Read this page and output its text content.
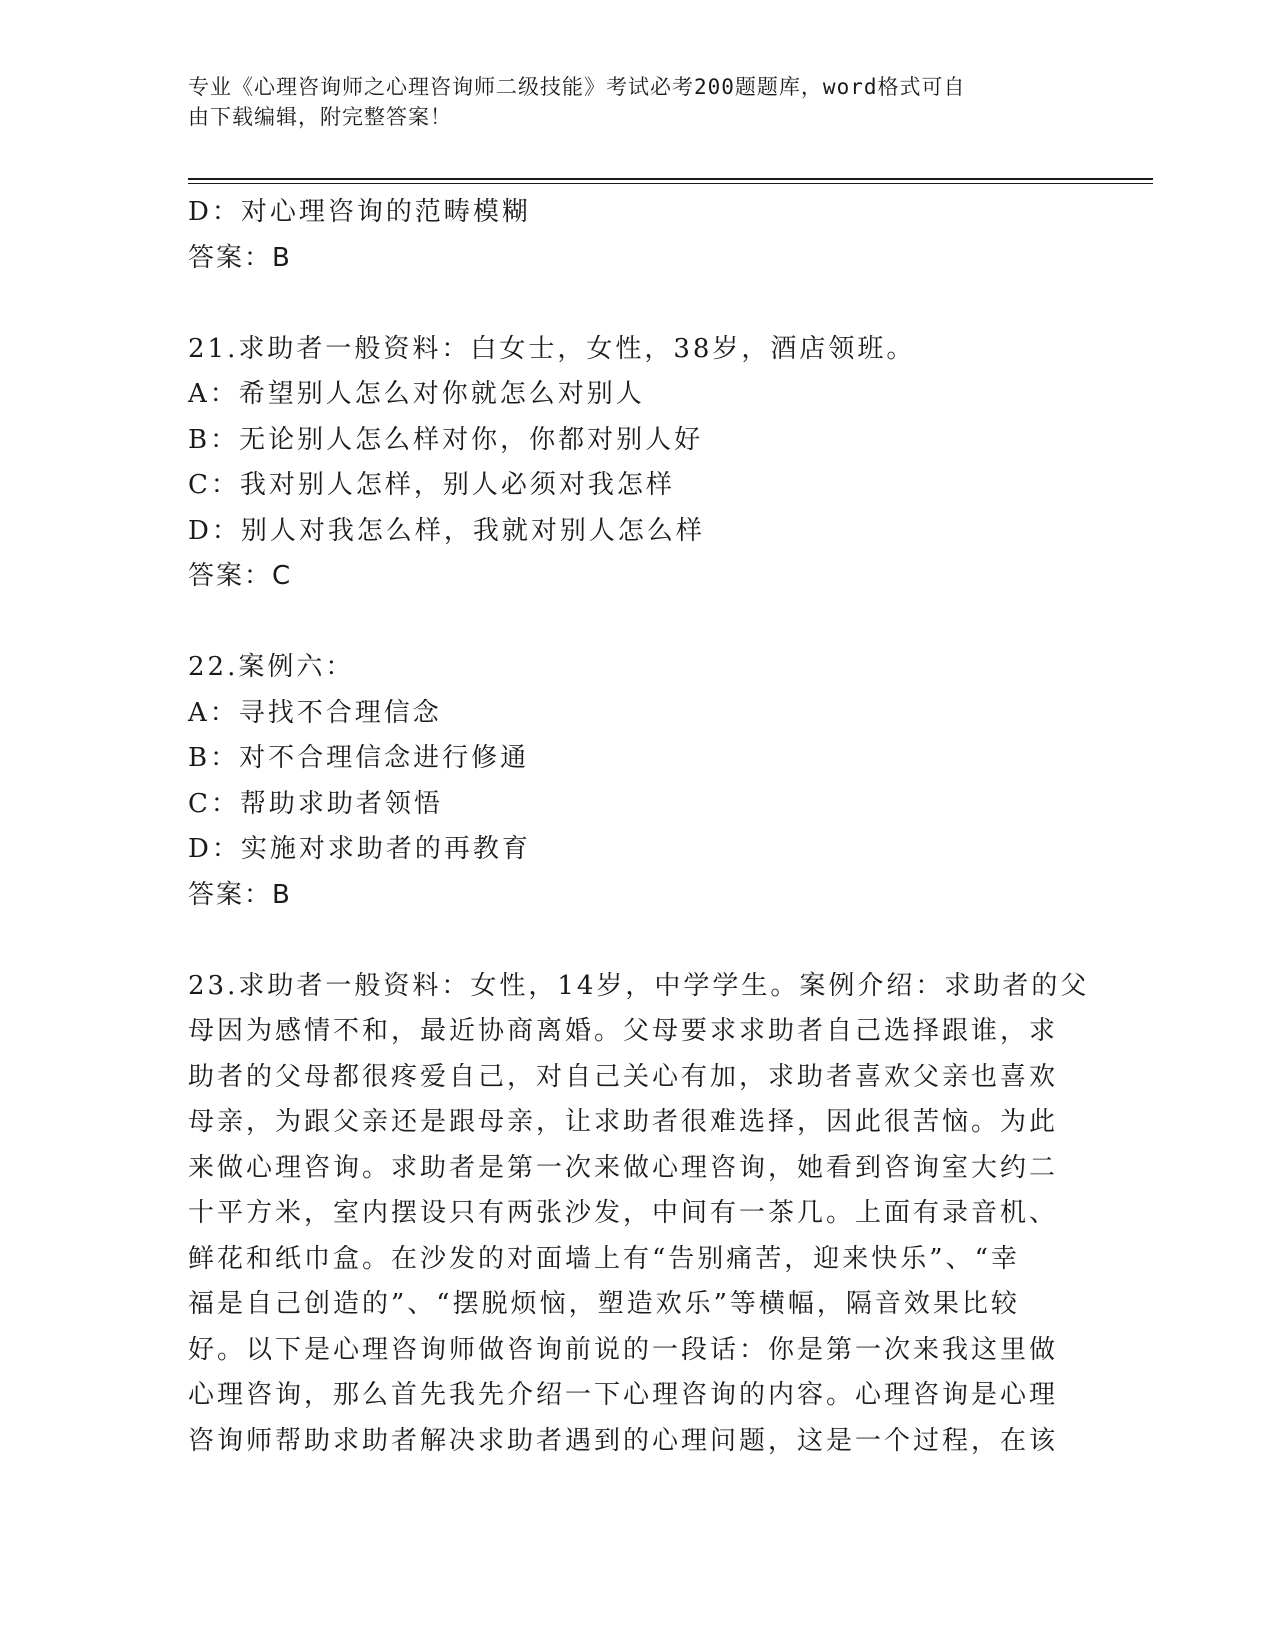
专业《心理咨询师之心理咨询师二级技能》考试必考200题题库，word格式可自
由下载编辑，附完整答案！
D：对心理咨询的范畴模糊
答案：B
21.求助者一般资料：白女士，女性，38岁，酒店领班。
A：希望别人怎么对你就怎么对别人
B：无论别人怎么样对你，你都对别人好
C：我对别人怎样，别人必须对我怎样
D：别人对我怎么样，我就对别人怎么样
答案：C
22.案例六：
A：寻找不合理信念
B：对不合理信念进行修通
C：帮助求助者领悟
D：实施对求助者的再教育
答案：B
23.求助者一般资料：女性，14岁，中学学生。案例介绍：求助者的父
母因为感情不和，最近协商离婚。父母要求求助者自己选择跟谁，求
助者的父母都很疼爱自己，对自己关心有加，求助者喜欢父亲也喜欢
母亲，为跟父亲还是跟母亲，让求助者很难选择，因此很苦恼。为此
来做心理咨询。求助者是第一次来做心理咨询，她看到咨询室大约二
十平方米，室内摆设只有两张沙发，中间有一茶几。上面有录音机、
鲜花和纸巾盒。在沙发的对面墙上有“告别痛苦，迎来快乐”、“幸
福是自己创造的”、“摆脱烦恼，塑造欢乐”等横幅，隔音效果比较
好。以下是心理咨询师做咨询前说的一段话：你是第一次来我这里做
心理咨询，那么首先我先介绍一下心理咨询的内容。心理咨询是心理
咨询师帮助求助者解决求助者遇到的心理问题，这是一个过程，在该
